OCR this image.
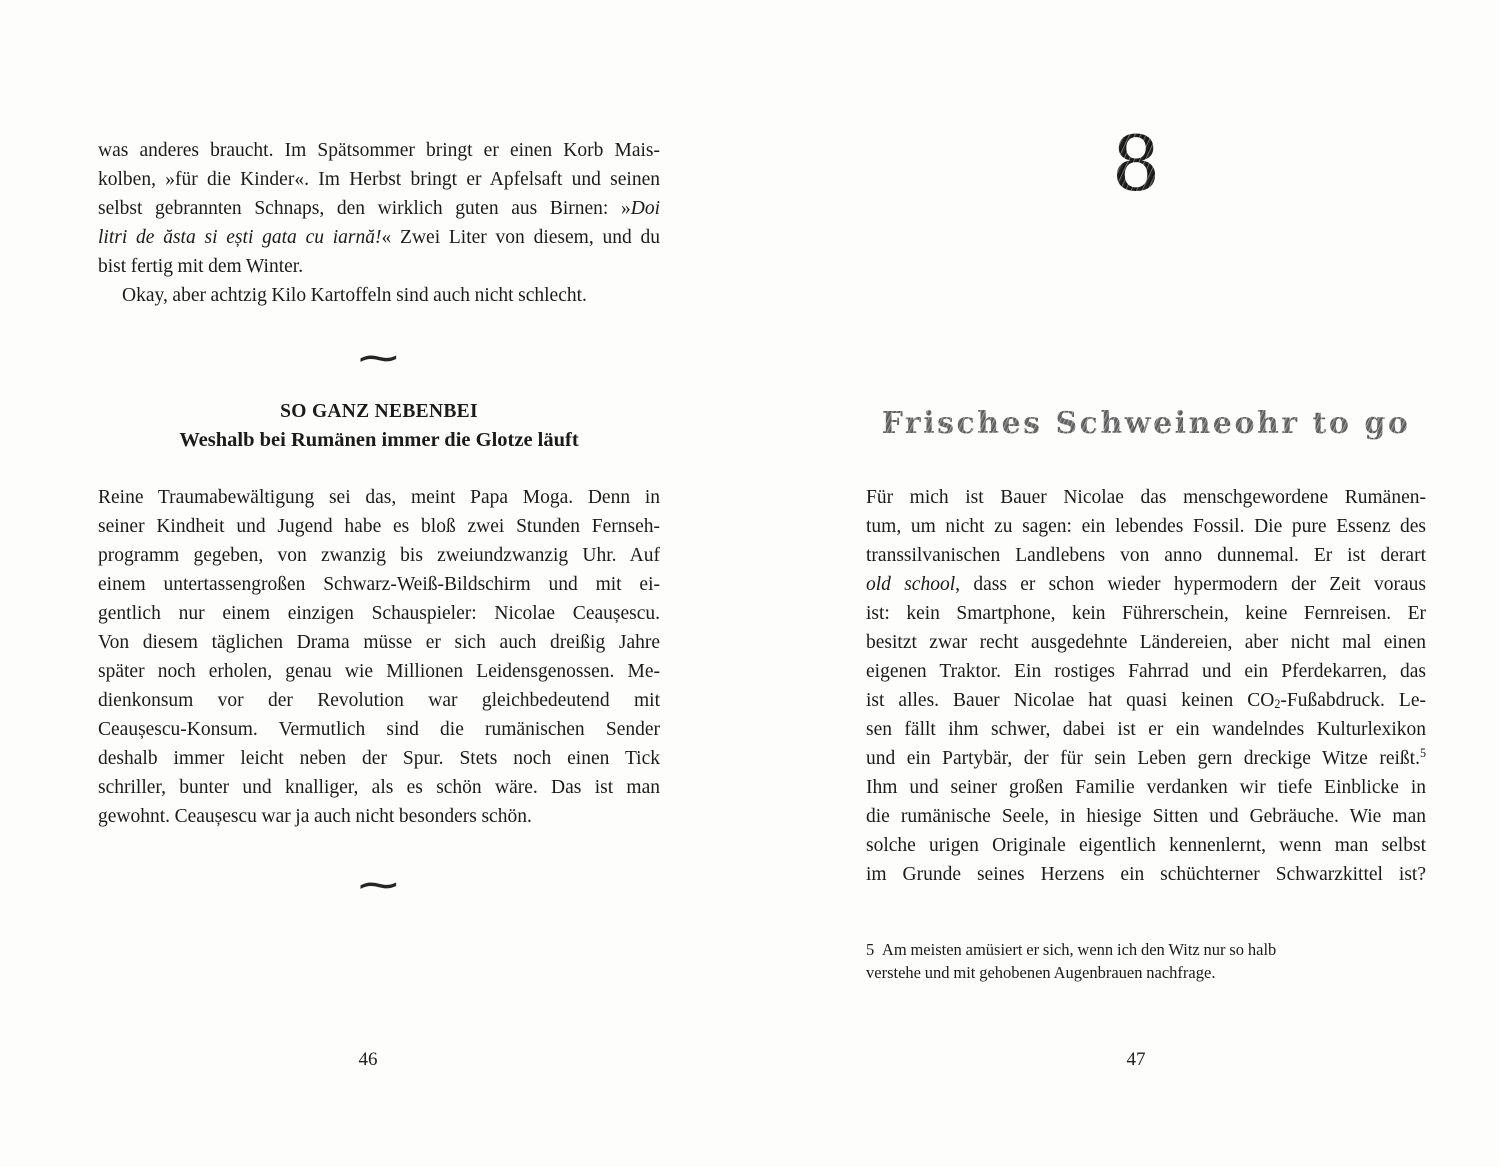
was anderes braucht. Im Spätsommer bringt er einen Korb Mais-
kolben, »für die Kinder«. Im Herbst bringt er Apfelsaft und seinen
selbst gebrannten Schnaps, den wirklich guten aus Birnen: »Doi
litri de ăsta si ești gata cu iarnă!« Zwei Liter von diesem, und du
bist fertig mit dem Winter.
Okay, aber achtzig Kilo Kartoffeln sind auch nicht schlecht.
∼
SO GANZ NEBENBEI
Weshalb bei Rumänen immer die Glotze läuft
Reine Traumabewältigung sei das, meint Papa Moga. Denn in
seiner Kindheit und Jugend habe es bloß zwei Stunden Fernseh-
programm gegeben, von zwanzig bis zweiundzwanzig Uhr. Auf
einem untertassengroßen Schwarz-Weiß-Bildschirm und mit ei-
gentlich nur einem einzigen Schauspieler: Nicolae Ceaușescu.
Von diesem täglichen Drama müsse er sich auch dreißig Jahre
später noch erholen, genau wie Millionen Leidensgenossen. Me-
dienkonsum vor der Revolution war gleichbedeutend mit
Ceaușescu-Konsum. Vermutlich sind die rumänischen Sender
deshalb immer leicht neben der Spur. Stets noch einen Tick
schriller, bunter und knalliger, als es schön wäre. Das ist man
gewohnt. Ceaușescu war ja auch nicht besonders schön.
∼
46
8
Frisches Schweineohr to go
Für mich ist Bauer Nicolae das menschgewordene Rumänen-
tum, um nicht zu sagen: ein lebendes Fossil. Die pure Essenz des
transsilvanischen Landlebens von anno dunnemal. Er ist derart
old school, dass er schon wieder hypermodern der Zeit voraus
ist: kein Smartphone, kein Führerschein, keine Fernreisen. Er
besitzt zwar recht ausgedehnte Ländereien, aber nicht mal einen
eigenen Traktor. Ein rostiges Fahrrad und ein Pferdekarren, das
ist alles. Bauer Nicolae hat quasi keinen $CO_2$-Fußabdruck. Le-
sen fällt ihm schwer, dabei ist er ein wandelndes Kulturlexikon
und ein Partybär, der für sein Leben gern dreckige Witze reißt.$^5$
Ihm und seiner großen Familie verdanken wir tiefe Einblicke in
die rumänische Seele, in hiesige Sitten und Gebräuche. Wie man
solche urigen Originale eigentlich kennenlernt, wenn man selbst
im Grunde seines Herzens ein schüchterner Schwarzkittel ist?
5  Am meisten amüsiert er sich, wenn ich den Witz nur so halb
verstehe und mit gehobenen Augenbrauen nachfrage.
47
